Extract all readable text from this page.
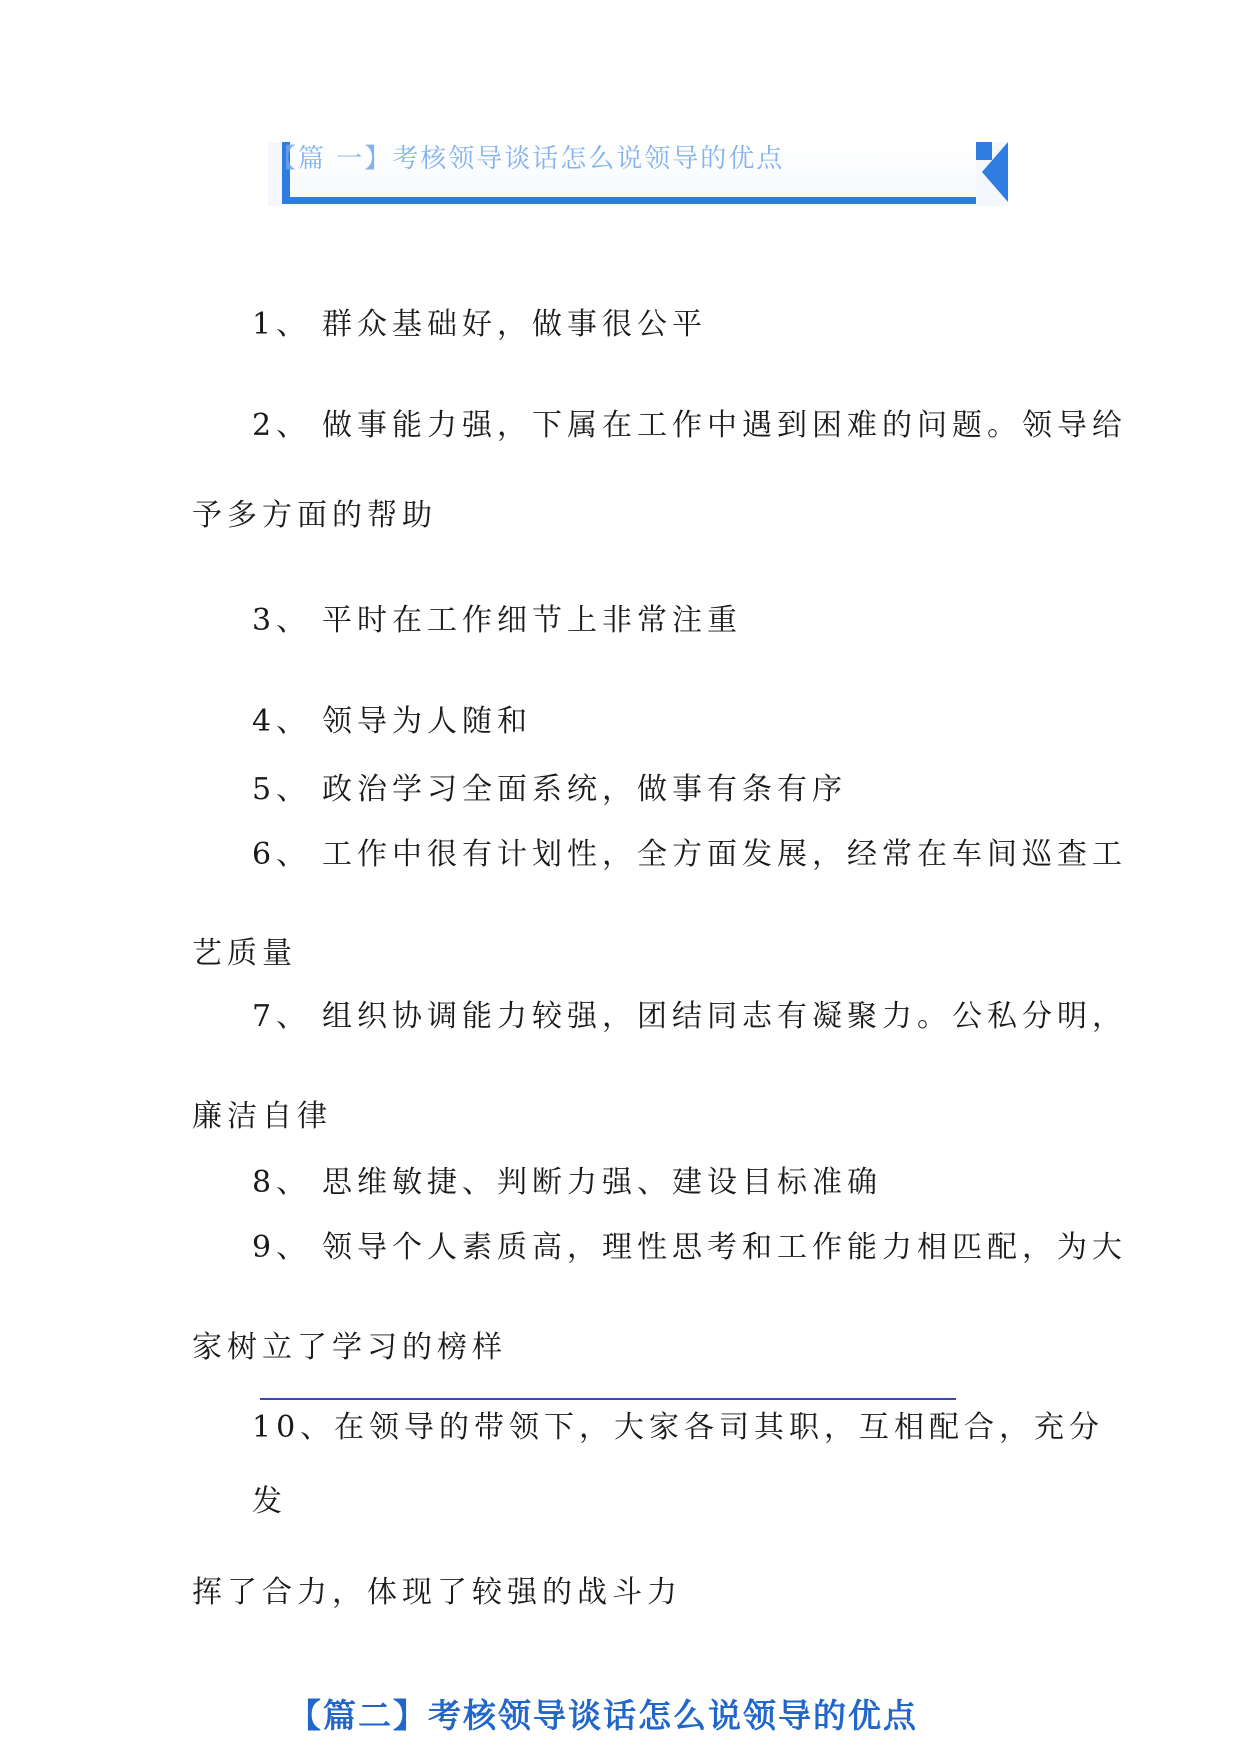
【篇 一】考核领导谈话怎么说领导的优点
1、 群众基础好，做事很公平
2、 做事能力强，下属在工作中遇到困难的问题。领导给
予多方面的帮助
3、 平时在工作细节上非常注重
4、 领导为人随和
5、 政治学习全面系统，做事有条有序
6、 工作中很有计划性，全方面发展，经常在车间巡查工
艺质量
7、 组织协调能力较强，团结同志有凝聚力。公私分明，
廉洁自律
8、 思维敏捷、判断力强、建设目标准确
9、 领导个人素质高，理性思考和工作能力相匹配，为大
家树立了学习的榜样
10、在领导的带领下，大家各司其职，互相配合，充分
发
挥了合力，体现了较强的战斗力
【篇二】考核领导谈话怎么说领导的优点
